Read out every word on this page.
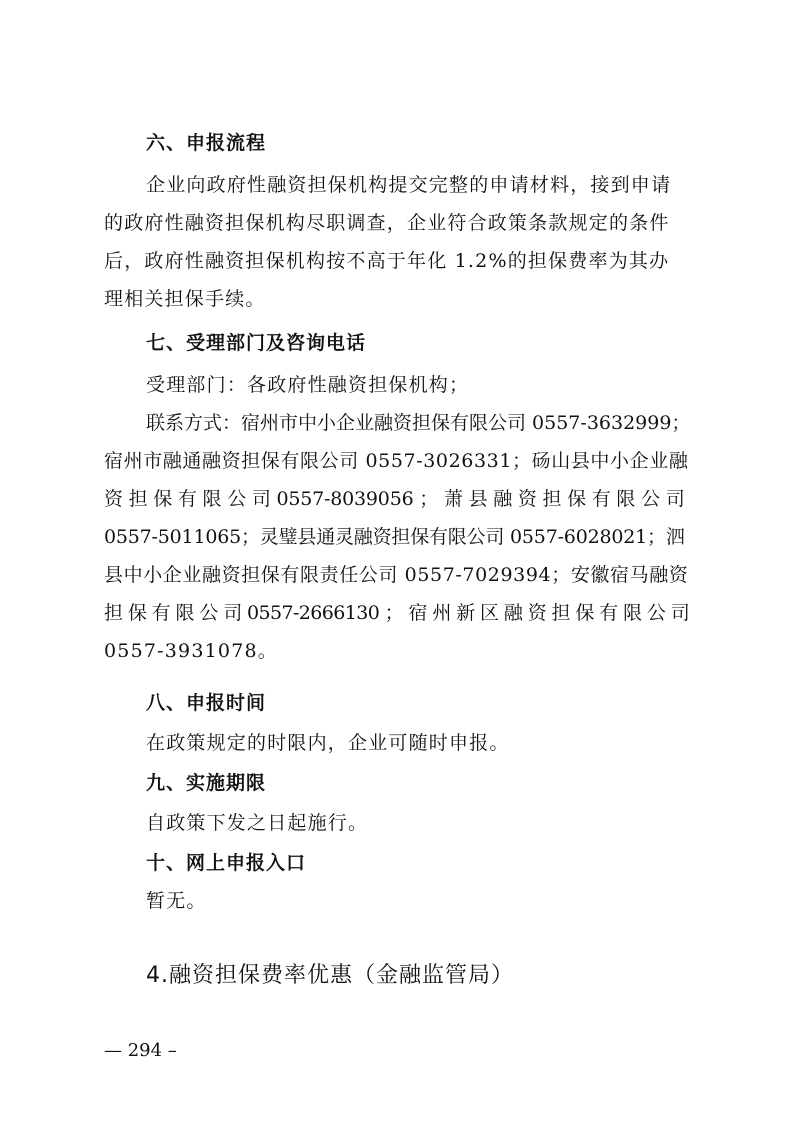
六、申报流程
企业向政府性融资担保机构提交完整的申请材料，接到申请
的政府性融资担保机构尽职调查，企业符合政策条款规定的条件
后，政府性融资担保机构按不高于年化 1.2%的担保费率为其办
理相关担保手续。
七、受理部门及咨询电话
受理部门：各政府性融资担保机构；
联系方式：宿州市中小企业融资担保有限公司 0557-3632999；
宿州市融通融资担保有限公司 0557-3026331；砀山县中小企业融
资 担 保 有 限 公 司 0557-8039056 ； 萧 县 融 资 担 保 有 限 公 司
0557-5011065；灵璧县通灵融资担保有限公司 0557-6028021；泗
县中小企业融资担保有限责任公司 0557-7029394；安徽宿马融资
担 保 有 限 公 司 0557-2666130 ； 宿 州 新 区 融 资 担 保 有 限 公 司
0557-3931078。
八、申报时间
在政策规定的时限内，企业可随时申报。
九、实施期限
自政策下发之日起施行。
十、网上申报入口
暂无。
4.融资担保费率优惠（金融监管局）
— 294 –
